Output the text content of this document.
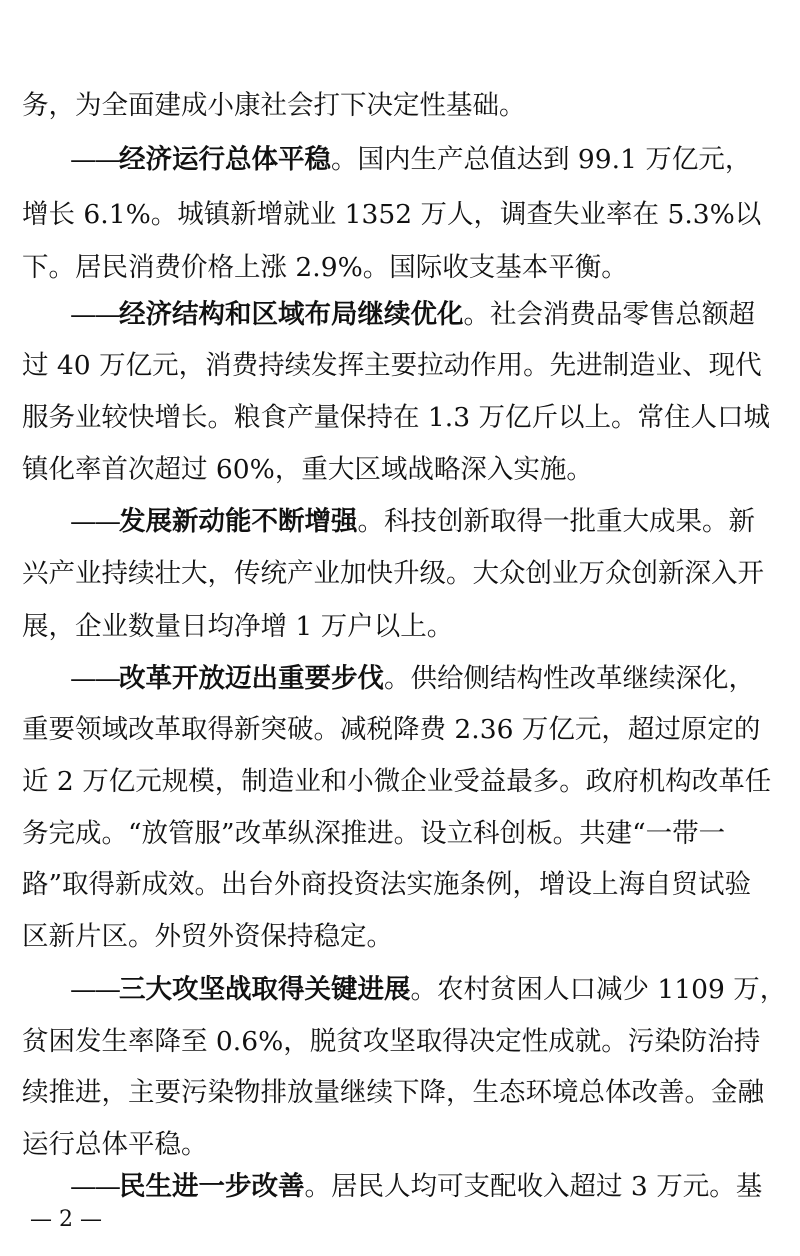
务，为全面建成小康社会打下决定性基础。
——经济运行总体平稳。国内生产总值达到 99.1 万亿元，
增长 6.1%。城镇新增就业 1352 万人，调查失业率在 5.3%以
下。居民消费价格上涨 2.9%。国际收支基本平衡。
——经济结构和区域布局继续优化。社会消费品零售总额超
过 40 万亿元，消费持续发挥主要拉动作用。先进制造业、现代
服务业较快增长。粮食产量保持在 1.3 万亿斤以上。常住人口城
镇化率首次超过 60%，重大区域战略深入实施。
——发展新动能不断增强。科技创新取得一批重大成果。新
兴产业持续壮大，传统产业加快升级。大众创业万众创新深入开
展，企业数量日均净增 1 万户以上。
——改革开放迈出重要步伐。供给侧结构性改革继续深化，
重要领域改革取得新突破。减税降费 2.36 万亿元，超过原定的
近 2 万亿元规模，制造业和小微企业受益最多。政府机构改革任
务完成。“放管服”改革纵深推进。设立科创板。共建“一带一
路”取得新成效。出台外商投资法实施条例，增设上海自贸试验
区新片区。外贸外资保持稳定。
——三大攻坚战取得关键进展。农村贫困人口减少 1109 万，
贫困发生率降至 0.6%，脱贫攻坚取得决定性成就。污染防治持
续推进，主要污染物排放量继续下降，生态环境总体改善。金融
运行总体平稳。
——民生进一步改善。居民人均可支配收入超过 3 万元。基
— 2 —
